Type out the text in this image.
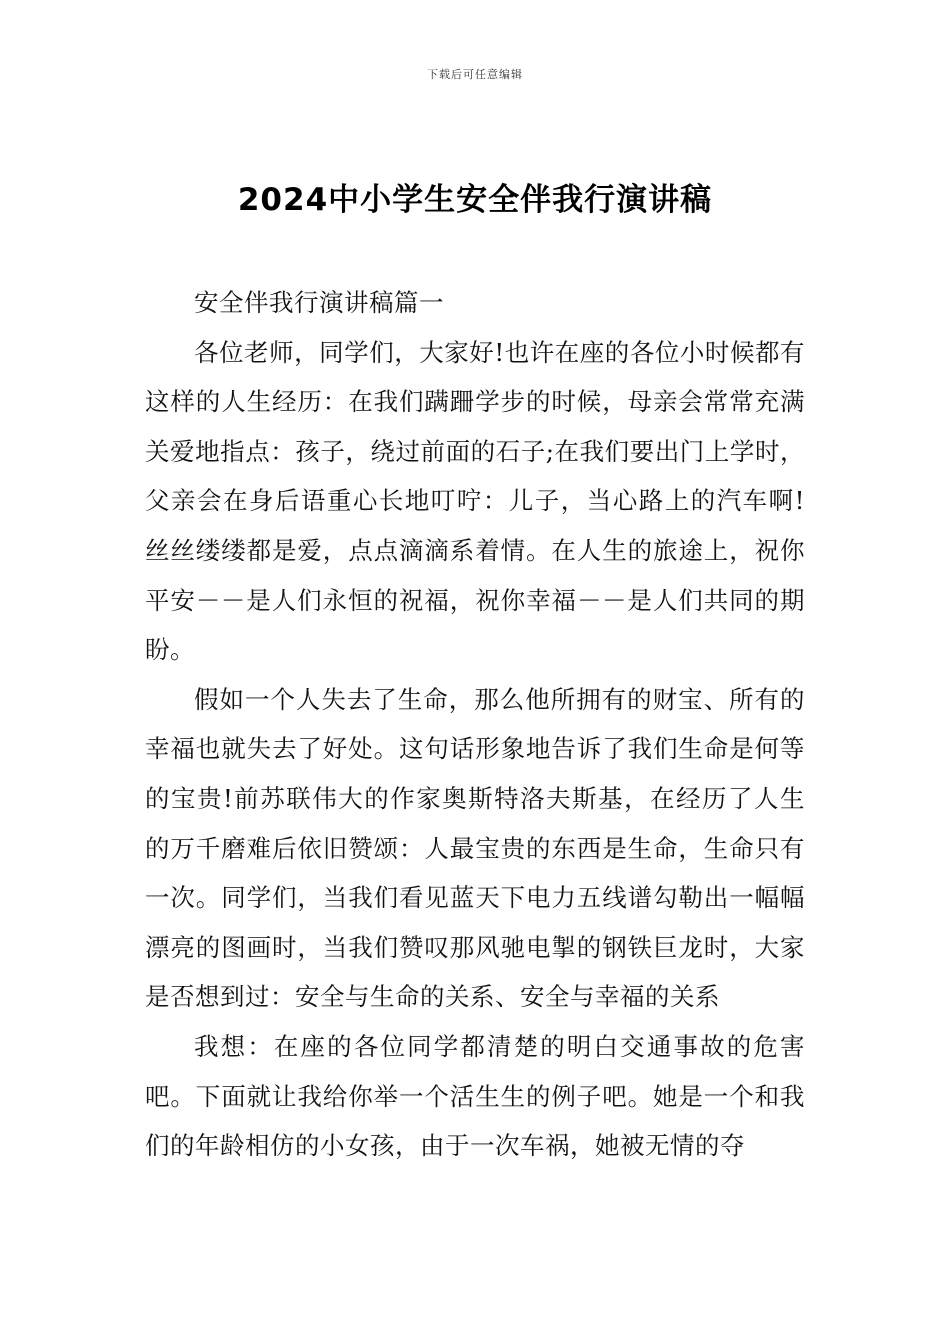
下载后可任意编辑
2024中小学生安全伴我行演讲稿

安全伴我行演讲稿篇一

各位老师，同学们，大家好!也许在座的各位小时候都有这样的人生经历：在我们蹒跚学步的时候，母亲会常常充满关爱地指点：孩子，绕过前面的石子;在我们要出门上学时，父亲会在身后语重心长地叮咛：儿子，当心路上的汽车啊!丝丝缕缕都是爱，点点滴滴系着情。在人生的旅途上，祝你平安－－是人们永恒的祝福，祝你幸福－－是人们共同的期盼。

假如一个人失去了生命，那么他所拥有的财宝、所有的幸福也就失去了好处。这句话形象地告诉了我们生命是何等的宝贵!前苏联伟大的作家奥斯特洛夫斯基，在经历了人生的万千磨难后依旧赞颂：人最宝贵的东西是生命，生命只有一次。同学们，当我们看见蓝天下电力五线谱勾勒出一幅幅漂亮的图画时，当我们赞叹那风驰电掣的钢铁巨龙时，大家是否想到过：安全与生命的关系、安全与幸福的关系

我想：在座的各位同学都清楚的明白交通事故的危害吧。下面就让我给你举一个活生生的例子吧。她是一个和我们的年龄相仿的小女孩，由于一次车祸，她被无情的夺
